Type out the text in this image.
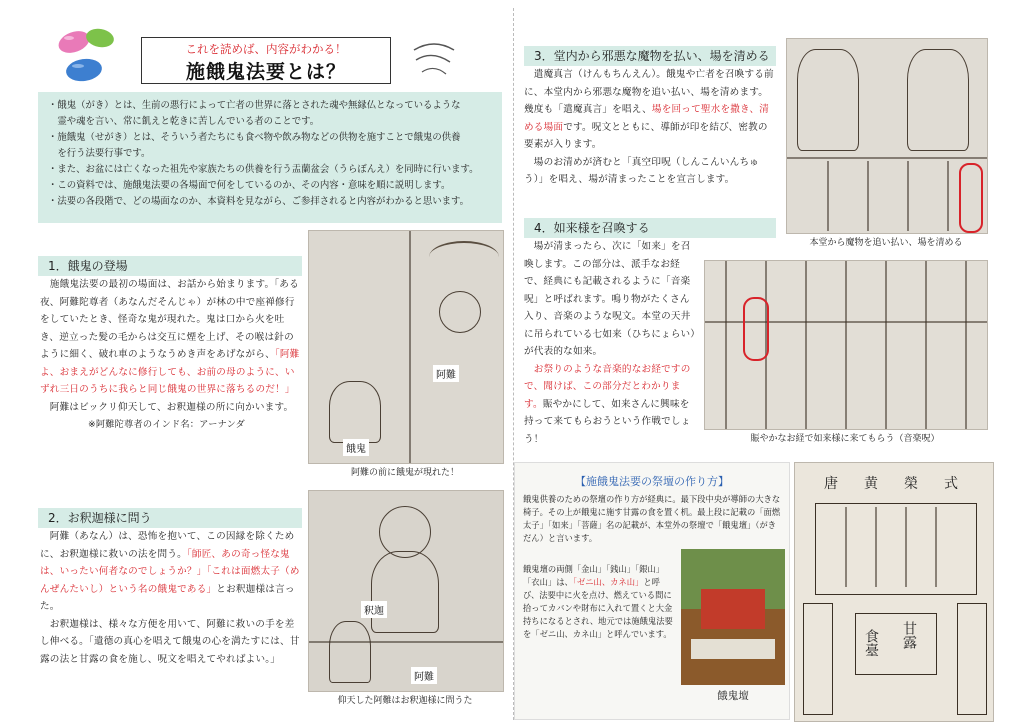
これを読めば、内容がわかる！
施餓鬼法要とは？
・餓鬼（がき）とは、生前の悪行によって亡者の世界に落とされた魂や無縁仏となっているような
　霊や魂を言い、常に飢えと乾きに苦しんでいる者のことです。
・施餓鬼（せがき）とは、そういう者たちにも食べ物や飲み物などの供物を施すことで餓鬼の供養
　を行う法要行事です。
・また、お盆には亡くなった祖先や家族たちの供養を行う盂蘭盆会（うらぼんえ）を同時に行います。
・この資料では、施餓鬼法要の各場面で何をしているのか、その内容・意味を順に説明します。
・法要の各段階で、どの場面なのか、本資料を見ながら、ご参拝されると内容がわかると思います。
1．餓鬼の登場
　施餓鬼法要の最初の場面は、お話から始まります。「ある夜、阿難陀尊者（あなんだそんじゃ）が林の中で座禅修行をしていたとき、怪奇な鬼が現れた。鬼は口から火を吐き、逆立った髪の毛からは交互に煙を上げ、その喉は針のように細く、破れ車のようなうめき声をあげながら、「阿難よ、おまえがどんなに修行しても、お前の母のように、いずれ三日のうちに我らと同じ餓鬼の世界に落ちるのだ！」
　阿難はビックリ仰天して、お釈迦様の所に向かいます。

※阿難陀尊者のインド名：アーナンダ
阿難
餓鬼
阿難の前に餓鬼が現れた！
2．お釈迦様に問う
　阿難（あなん）は、恐怖を抱いて、この因縁を除くために、お釈迦様に救いの法を問う。「師匠、あの奇っ怪な鬼は、いったい何者なのでしょうか？」「これは面燃太子（めんぜんたいし）という名の餓鬼である」とお釈迦様は言った。
　お釈迦様は、様々な方便を用いて、阿難に救いの手を差し伸べる。「遺德の真心を唱えて餓鬼の心を満たすには、甘露の法と甘露の食を施し、呪文を唱えてやればよい。」
釈迦
阿難
仰天した阿難はお釈迦様に問うた
3．堂内から邪悪な魔物を払い、場を清める
　遣魔真言（けんもちんえん）。餓鬼や亡者を召喚する前に、本堂内から邪悪な魔物を追い払い、場を清めます。幾度も「遣魔真言」を唱え、場を回って聖水を撒き、清める場面です。呪文とともに、導師が印を結び、密教の要素が入ります。
　場のお清めが済むと「真空印呪（しんこんいんちゅう）」を唱え、場が清まったことを宣言します。
本堂から魔物を追い払い、場を清める
4．如来様を召喚する
　場が清まったら、次に「如来」を召喚します。この部分は、派手なお経で、経典にも記載されるように「音楽呪」と呼ばれます。鳴り物がたくさん入り、音楽のような呪文。本堂の天井に吊られている七如来（ひちにょらい）が代表的な如来。
　お祭りのような音楽的なお経ですので、聞けば、この部分だとわかります。賑やかにして、如来さんに興味を持って来てもらおうという作戦でしょう！	賑やかなお経で如来様に来てもらう（音楽呪）
【施餓鬼法要の祭壇の作り方】
餓鬼供養のための祭壇の作り方が経典に。最下段中央が導師の大きな椅子。その上が餓鬼に施す甘露の食を置く机。最上段に記載の「面燃太子」「如来」「菩薩」名の記載が、本堂外の祭壇で「餓鬼壇」（がきだん）と言います。
餓鬼壇の両側「金山」「銭山」「銀山」「衣山」は、「ゼニ山、カネ山」と呼び、法要中に火を点け、燃えている間に拾ってカバンや財布に入れて置くと大金持ちになるとされ、地元では施餓鬼法要を「ゼニ山、カネ山」と呼んでいます。
餓鬼壇
唐　黄　榮　式
食臺 甘露
